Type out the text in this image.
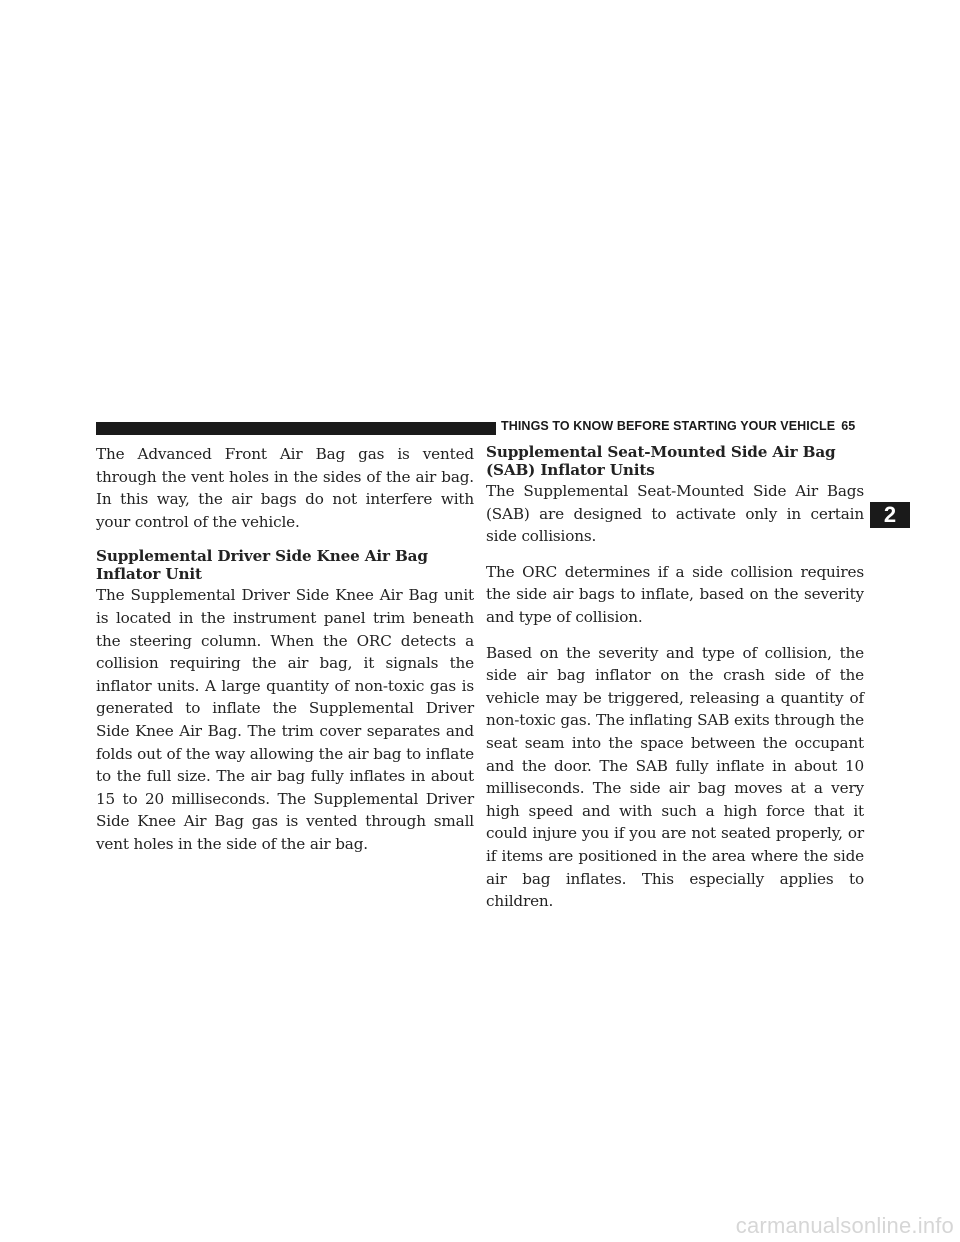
THINGS TO KNOW BEFORE STARTING YOUR VEHICLE 65

The Advanced Front Air Bag gas is vented through the vent holes in the sides of the air bag. In this way, the air bags do not interfere with your control of the vehicle.

Supplemental Driver Side Knee Air Bag Inflator Unit

The Supplemental Driver Side Knee Air Bag unit is located in the instrument panel trim beneath the steering column. When the ORC detects a collision requiring the air bag, it signals the inflator units. A large quantity of non-toxic gas is generated to inflate the Supplemental Driver Side Knee Air Bag. The trim cover separates and folds out of the way allowing the air bag to inflate to the full size. The air bag fully inflates in about 15 to 20 milliseconds. The Supplemental Driver Side Knee Air Bag gas is vented through small vent holes in the side of the air bag.

Supplemental Seat-Mounted Side Air Bag (SAB) Inflator Units

The Supplemental Seat-Mounted Side Air Bags (SAB) are designed to activate only in certain side collisions.

The ORC determines if a side collision requires the side air bags to inflate, based on the severity and type of collision.

Based on the severity and type of collision, the side air bag inflator on the crash side of the vehicle may be triggered, releasing a quantity of non-toxic gas. The inflating SAB exits through the seat seam into the space between the occupant and the door. The SAB fully inflate in about 10 milliseconds. The side air bag moves at a very high speed and with such a high force that it could injure you if you are not seated properly, or if items are positioned in the area where the side air bag inflates. This especially applies to children.

2
carmanualsonline.info
